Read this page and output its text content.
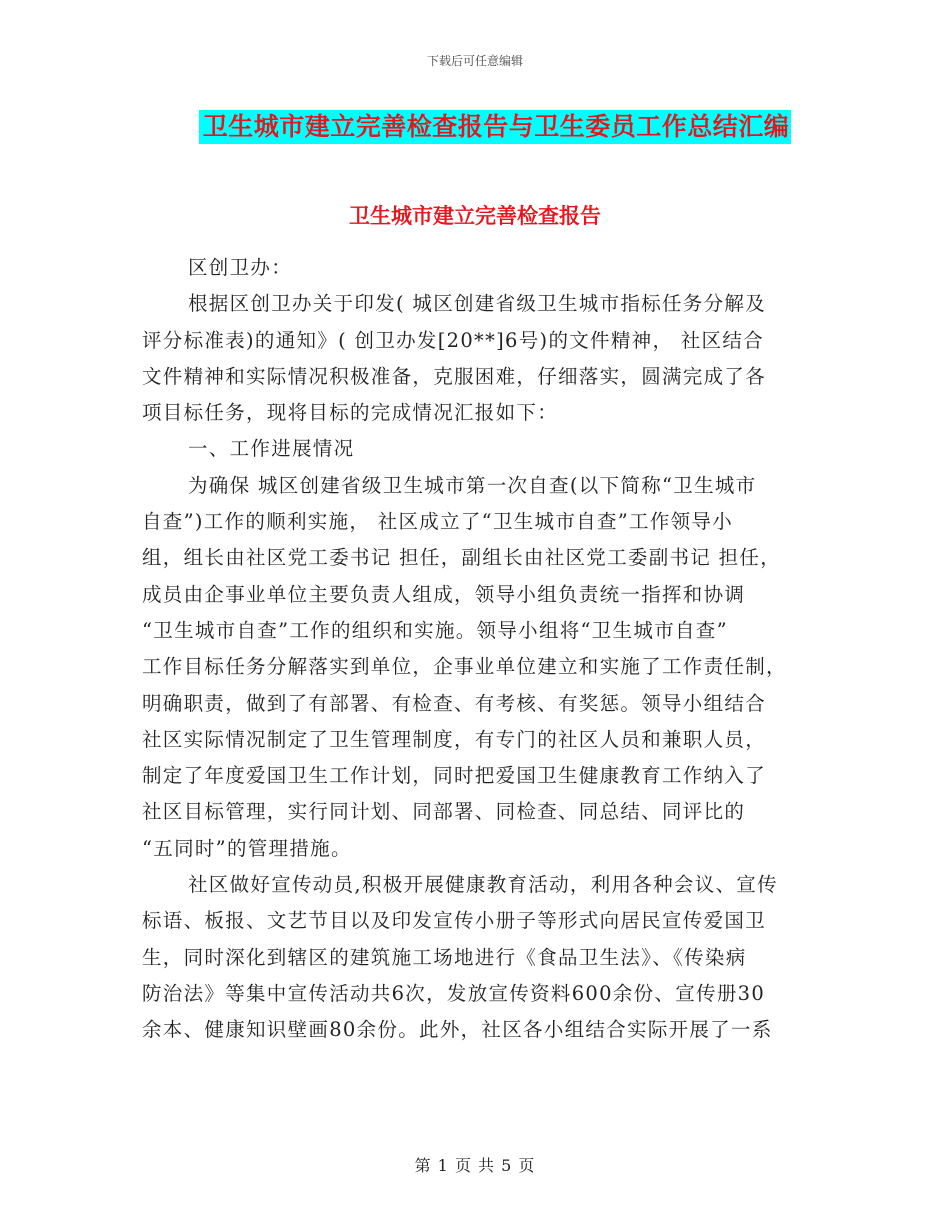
下载后可任意编辑
卫生城市建立完善检查报告与卫生委员工作总结汇编
卫生城市建立完善检查报告
区创卫办：
根据区创卫办关于印发( 城区创建省级卫生城市指标任务分解及
评分标准表)的通知》( 创卫办发[20**]6号)的文件精神， 社区结合
文件精神和实际情况积极准备，克服困难，仔细落实，圆满完成了各
项目标任务，现将目标的完成情况汇报如下：
一、工作进展情况
为确保 城区创建省级卫生城市第一次自查(以下简称“卫生城市
自查”)工作的顺利实施， 社区成立了“卫生城市自查”工作领导小
组，组长由社区党工委书记 担任，副组长由社区党工委副书记 担任，
成员由企事业单位主要负责人组成，领导小组负责统一指挥和协调
“卫生城市自查”工作的组织和实施。领导小组将“卫生城市自查”
工作目标任务分解落实到单位，企事业单位建立和实施了工作责任制，
明确职责，做到了有部署、有检查、有考核、有奖惩。领导小组结合
社区实际情况制定了卫生管理制度，有专门的社区人员和兼职人员，
制定了年度爱国卫生工作计划，同时把爱国卫生健康教育工作纳入了
社区目标管理，实行同计划、同部署、同检查、同总结、同评比的
“五同时”的管理措施。
社区做好宣传动员,积极开展健康教育活动，利用各种会议、宣传
标语、板报、文艺节目以及印发宣传小册子等形式向居民宣传爱国卫
生，同时深化到辖区的建筑施工场地进行《食品卫生法》、《传染病
防治法》等集中宣传活动共6次，发放宣传资料600余份、宣传册30
余本、健康知识壁画80余份。此外，社区各小组结合实际开展了一系
第 1 页 共 5 页
